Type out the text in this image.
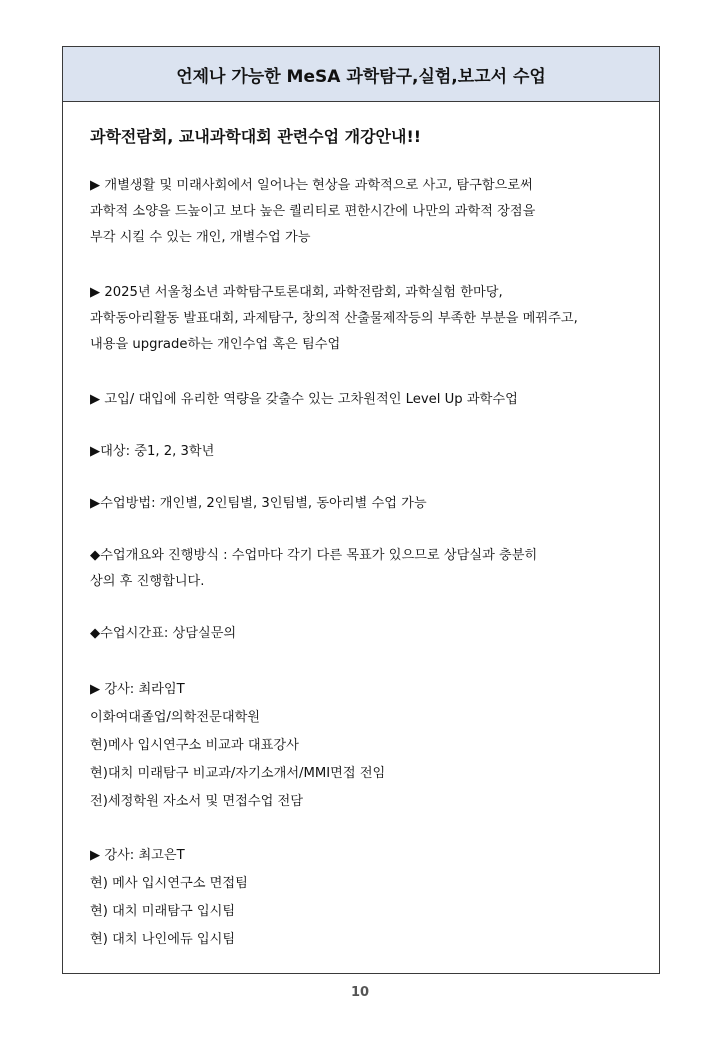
언제나 가능한 MeSA 과학탐구,실험,보고서 수업
과학전람회, 교내과학대회 관련수업 개강안내!!
▶ 개별생활 및 미래사회에서 일어나는 현상을 과학적으로 사고, 탐구함으로써
과학적 소양을 드높이고 보다 높은 퀄리티로 편한시간에 나만의 과학적 장점을
부각 시킬 수 있는 개인, 개별수업 가능
▶ 2025년 서울청소년 과학탐구토론대회, 과학전람회, 과학실험 한마당,
과학동아리활동 발표대회, 과제탐구, 창의적 산출물제작등의 부족한 부분을 메꿔주고,
내용을 upgrade하는 개인수업 혹은 팀수업
▶ 고입/ 대입에 유리한 역량을 갖출수 있는 고차원적인 Level Up 과학수업
▶대상: 중1, 2, 3학년
▶수업방법: 개인별, 2인팀별, 3인팀별, 동아리별 수업 가능
◆수업개요와 진행방식 : 수업마다 각기 다른 목표가 있으므로 상담실과 충분히
상의 후 진행합니다.
◆수업시간표: 상담실문의
▶ 강사: 최라임T
이화여대졸업/의학전문대학원
현)메사 입시연구소 비교과 대표강사
현)대치 미래탐구 비교과/자기소개서/MMI면접 전임
전)세정학원 자소서 및 면접수업 전담
▶ 강사: 최고은T
현) 메사 입시연구소 면접팀
현) 대치 미래탐구 입시팀
현) 대치 나인에듀 입시팀
10
